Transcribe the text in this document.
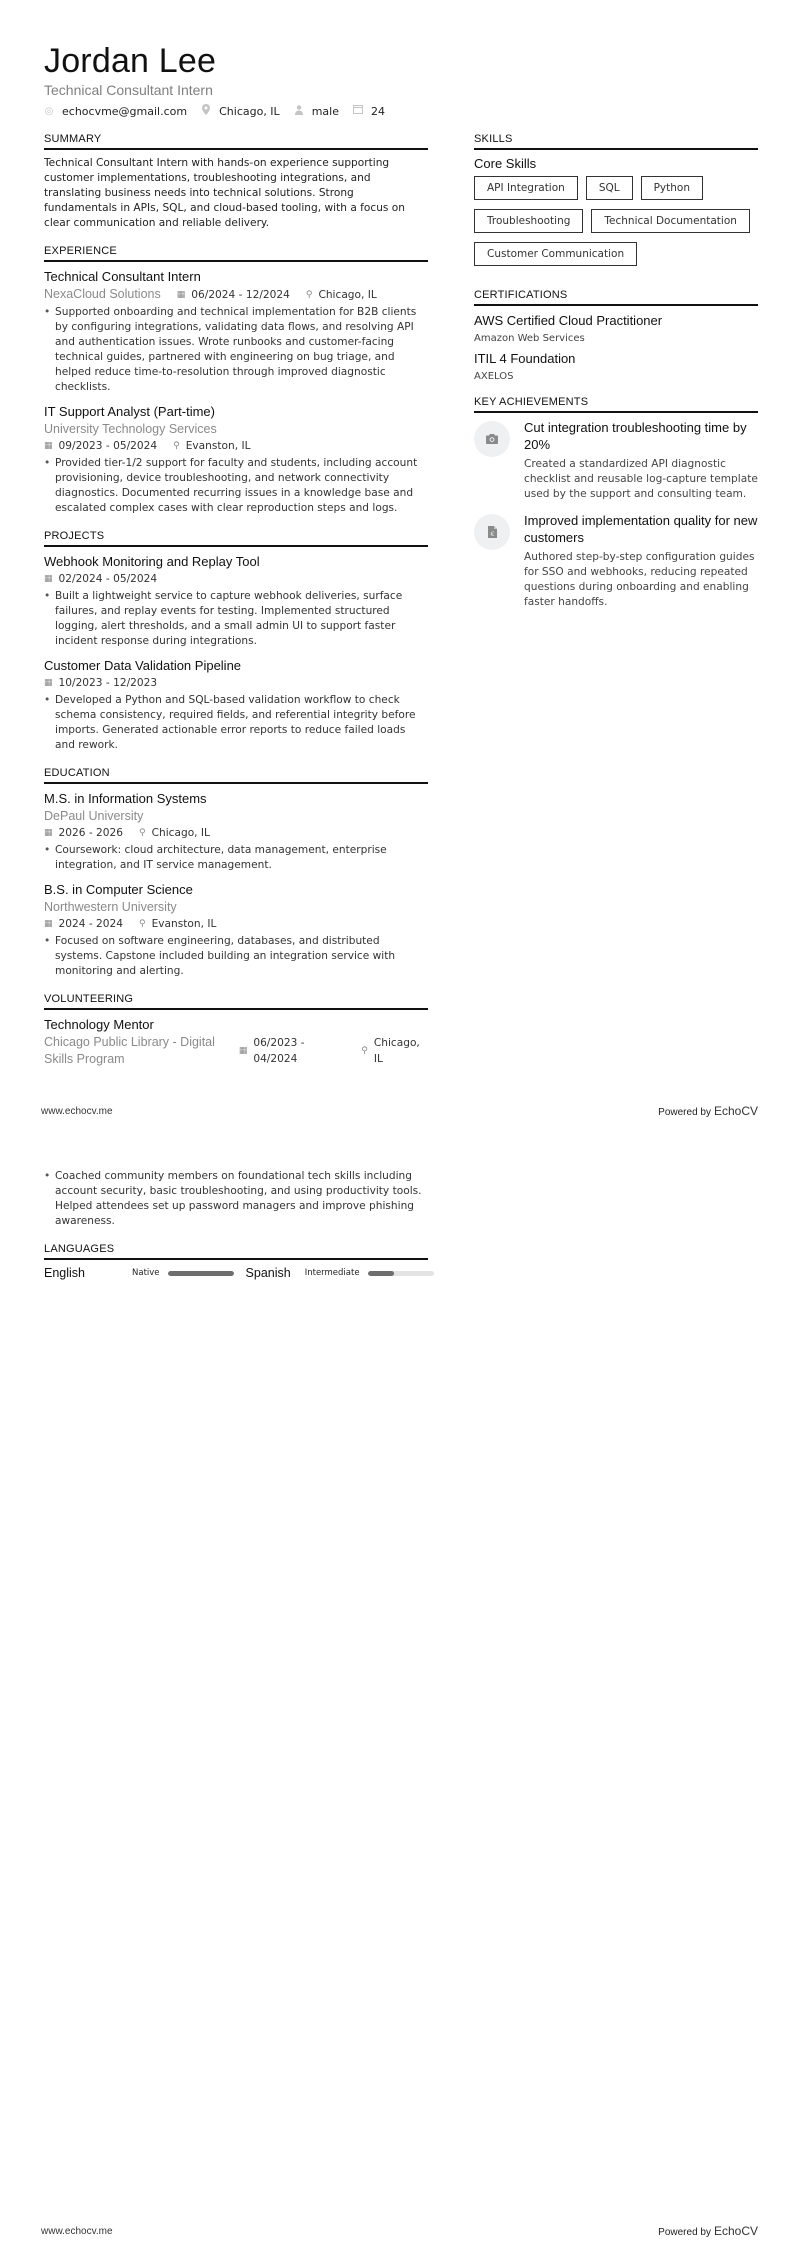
Jordan Lee
Technical Consultant Intern
◎ echocvme@gmail.com	Chicago, IL	male	24
SUMMARY
Technical Consultant Intern with hands-on experience supporting customer implementations, troubleshooting integrations, and translating business needs into technical solutions. Strong fundamentals in APIs, SQL, and cloud-based tooling, with a focus on clear communication and reliable delivery.
EXPERIENCE
Technical Consultant Intern
NexaCloud Solutions ▦ 06/2024 - 12/2024 ⚲ Chicago, IL
• Supported onboarding and technical implementation for B2B clients by configuring integrations, validating data flows, and resolving API and authentication issues. Wrote runbooks and customer-facing technical guides, partnered with engineering on bug triage, and helped reduce time-to-resolution through improved diagnostic checklists.
IT Support Analyst (Part-time)
University Technology Services
▦ 09/2023 - 05/2024 ⚲ Evanston, IL
• Provided tier-1/2 support for faculty and students, including account provisioning, device troubleshooting, and network connectivity diagnostics. Documented recurring issues in a knowledge base and escalated complex cases with clear reproduction steps and logs.
PROJECTS
Webhook Monitoring and Replay Tool
▦ 02/2024 - 05/2024
• Built a lightweight service to capture webhook deliveries, surface failures, and replay events for testing. Implemented structured logging, alert thresholds, and a small admin UI to support faster incident response during integrations.
Customer Data Validation Pipeline
▦ 10/2023 - 12/2023
• Developed a Python and SQL-based validation workflow to check schema consistency, required fields, and referential integrity before imports. Generated actionable error reports to reduce failed loads and rework.
EDUCATION
M.S. in Information Systems
DePaul University
▦ 2026 - 2026 ⚲ Chicago, IL
• Coursework: cloud architecture, data management, enterprise integration, and IT service management.
B.S. in Computer Science
Northwestern University
▦ 2024 - 2024 ⚲ Evanston, IL
• Focused on software engineering, databases, and distributed systems. Capstone included building an integration service with monitoring and alerting.
VOLUNTEERING
Technology Mentor
Chicago Public Library - Digital Skills Program
▦
06/2023 - 04/2024
⚲
Chicago, IL
SKILLS
Core Skills
API Integration	SQL	Python
Troubleshooting	Technical Documentation
Customer Communication
CERTIFICATIONS
AWS Certified Cloud Practitioner
Amazon Web Services
ITIL 4 Foundation
AXELOS
KEY ACHIEVEMENTS
Cut integration troubleshooting time by 20%
Created a standardized API diagnostic checklist and reusable log-capture template used by the support and consulting team.
€
Improved implementation quality for new customers
Authored step-by-step configuration guides for SSO and webhooks, reducing repeated questions during onboarding and enabling faster handoffs.
www.echocv.me	Powered by EchoCV
• Coached community members on foundational tech skills including account security, basic troubleshooting, and using productivity tools. Helped attendees set up password managers and improve phishing awareness.
LANGUAGES
English	Native	Spanish Intermediate
www.echocv.me	Powered by EchoCV
